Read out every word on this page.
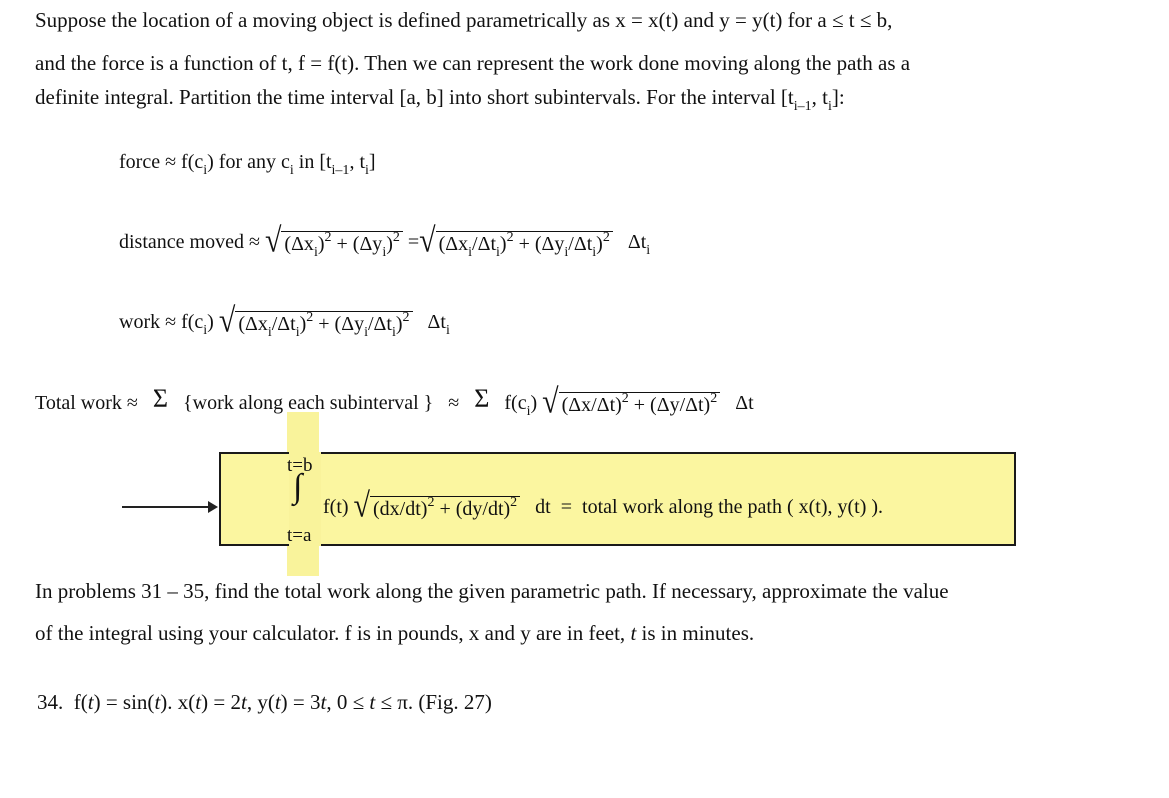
Suppose the location of a moving object is defined parametrically as x = x(t) and y = y(t) for a ≤ t ≤ b,
and the force is a function of t, f = f(t). Then we can represent the work done moving along the path as a
definite integral. Partition the time interval [a, b] into short subintervals. For the interval [$t_{i-1}$, $t_i$]:
force ≈ $f(c_i)$ for any $c_i$ in [$t_{i-1}$, $t_i$]
distance moved ≈ √ $(\Delta x_i)^2 + (\Delta y_i)^2$ =√ $(\Delta x_i/\Delta t_i)^2 + (\Delta y_i/\Delta t_i)^2$ $\Delta t_i$
work ≈ $f(c_i)$ √ $(\Delta x_i/\Delta t_i)^2 + (\Delta y_i/\Delta t_i)^2$ $\Delta t_i$
Total work ≈ Σ {work along each subinterval } ≈ Σ $f(c_i)$ √ $(\Delta x/\Delta t)^2 + (\Delta y/\Delta t)^2$ Δt
t=b
∫
t=a
f(t) √ $(dx/dt)^2 + (dy/dt)^2$ dt = total work along the path ( x(t), y(t) ).
In problems 31 – 35, find the total work along the given parametric path. If necessary, approximate the value
of the integral using your calculator. f is in pounds, x and y are in feet, t is in minutes.
34. f(t) = sin(t). x(t) = 2t, y(t) = 3t, 0 ≤ t ≤ π. (Fig. 27)
